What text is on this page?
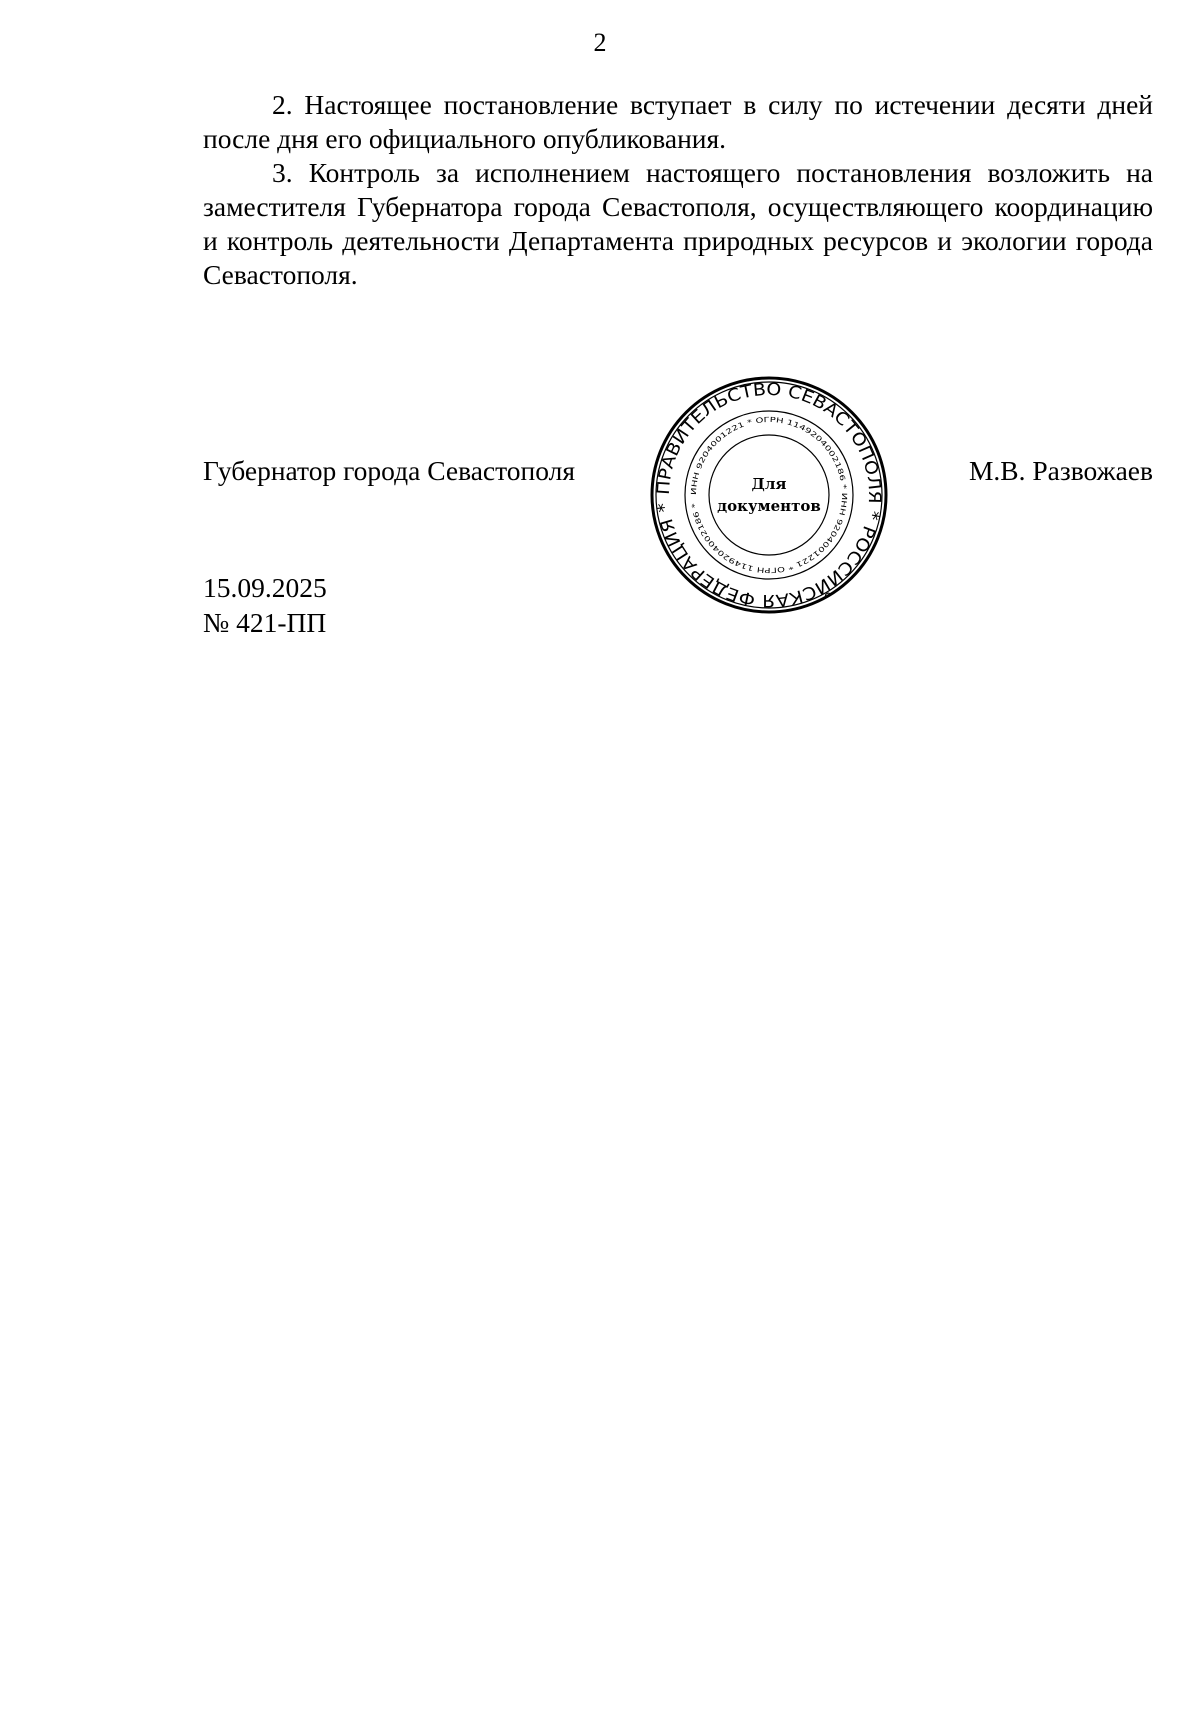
2

2. Настоящее постановление вступает в силу по истечении десяти дней после дня его официального опубликования.

3. Контроль за исполнением настоящего постановления возложить на заместителя Губернатора города Севастополя, осуществляющего координацию и контроль деятельности Департамента природных ресурсов и экологии города Севастополя.

Губернатор города Севастополя	М.В. Развожаев
ПРАВИТЕЛЬСТВО СЕВАСТОПОЛЯ * РОССИЙСКАЯ ФЕДЕРАЦИЯ *
ИНН 9204001221 * ОГРН 1149204002186 * ИНН 9204001221 * ОГРН 1149204002186 *
Для
документов
15.09.2025
№ 421-ПП
